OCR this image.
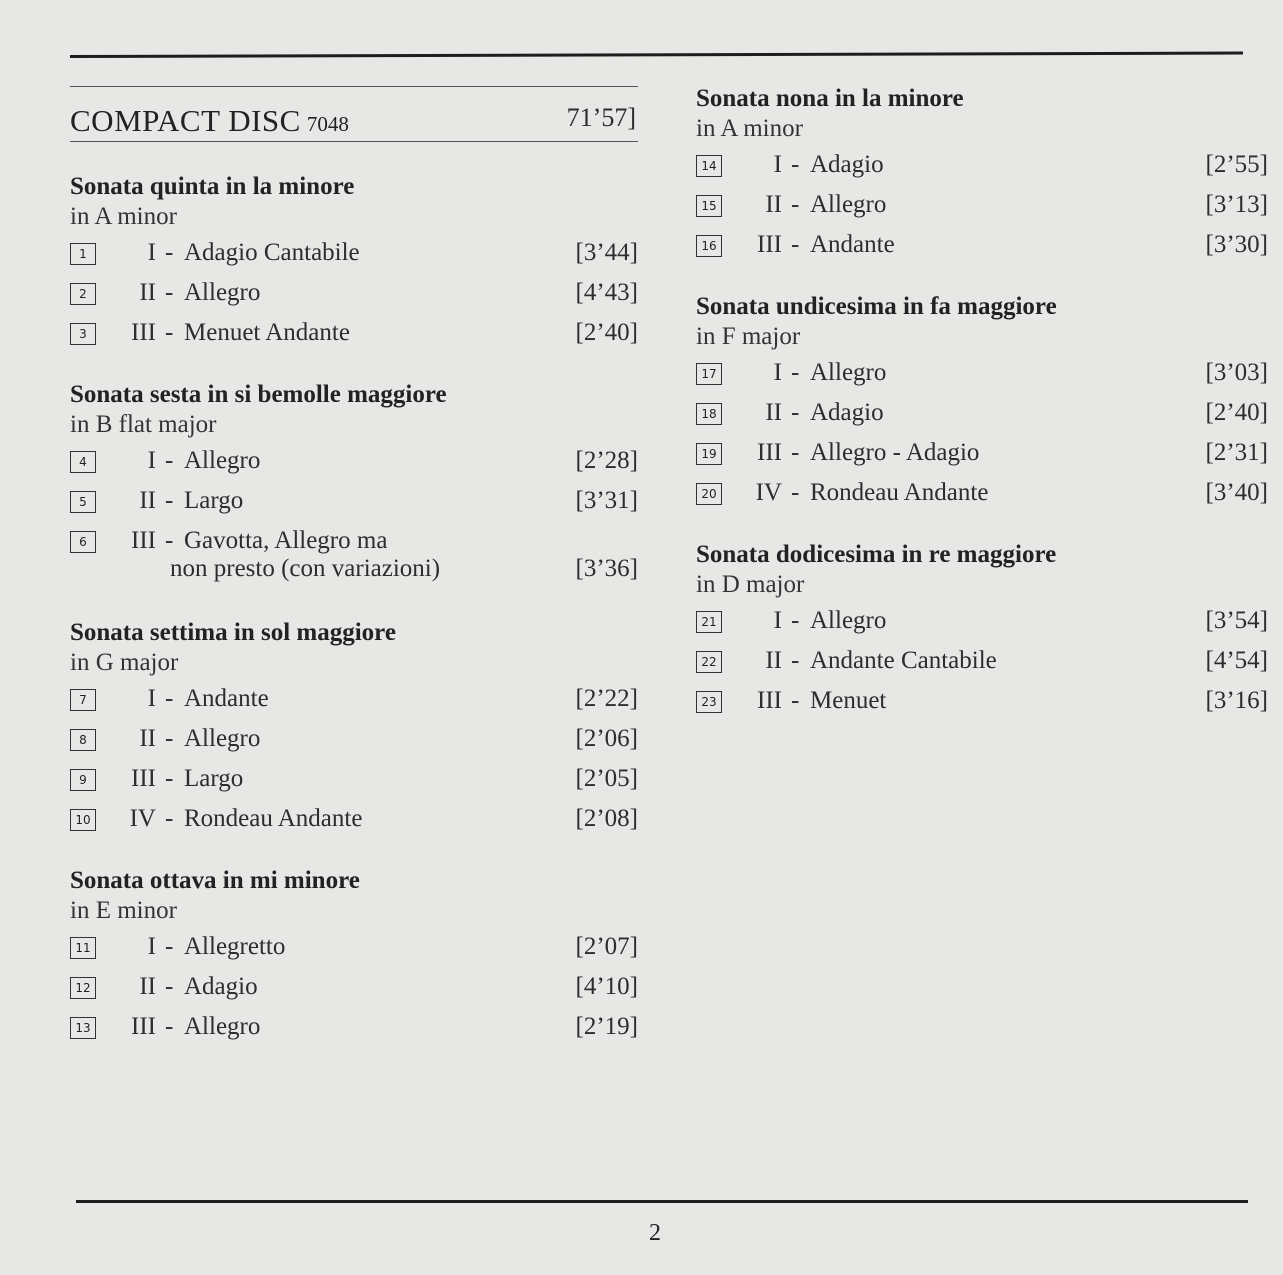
COMPACT DISC 7048	71’57]
Sonata quinta in la minore
in A minor
1	I - Adagio Cantabile	[3’44]
2	II - Allegro	[4’43]
3	III - Menuet Andante	[2’40]
Sonata sesta in si bemolle maggiore
in B flat major
4	I - Allegro	[2’28]
5	II - Largo	[3’31]
6	III - Gavotta, Allegro ma
non presto (con variazioni)	[3’36]
Sonata settima in sol maggiore
in G major
7	I - Andante	[2’22]
8	II - Allegro	[2’06]
9	III - Largo	[2’05]
10 IV - Rondeau Andante	[2’08]
Sonata ottava in mi minore
in E minor
11 I - Allegretto	[2’07]
12 II - Adagio	[4’10]
13 III - Allegro	[2’19]
Sonata nona in la minore
in A minor
14 I - Adagio	[2’55]
15 II - Allegro	[3’13]
16 III - Andante	[3’30]
Sonata undicesima in fa maggiore
in F major
17 I - Allegro	[3’03]
18 II - Adagio	[2’40]
19 III - Allegro - Adagio	[2’31]
20 IV - Rondeau Andante	[3’40]
Sonata dodicesima in re maggiore
in D major
21 I - Allegro	[3’54]
22 II - Andante Cantabile	[4’54]
23 III - Menuet	[3’16]
2
